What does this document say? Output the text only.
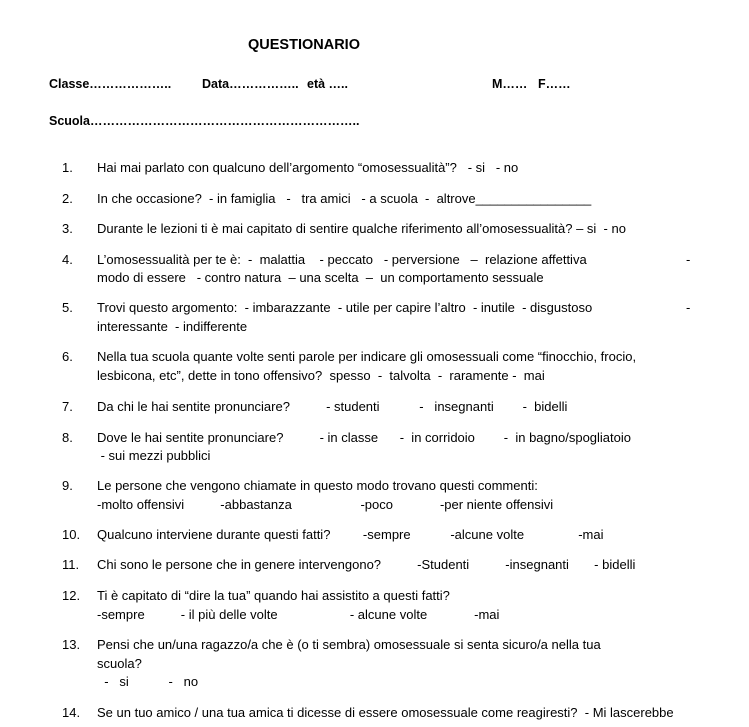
QUESTIONARIO
Classe……………….. Data…………….. età …..	M…… F……
Scuola………………………………………………………..
1.	Hai mai parlato con qualcuno dell’argomento “omosessualità”?   - si   - no
2.	In che occasione?  - in famiglia   -   tra amici   - a scuola  -  altrove________________
3.	Durante le lezioni ti è mai capitato di sentire qualche riferimento all’omosessualità? – si  - no
4.	L’omosessualità per te è:  -  malattia    - peccato   - perversione   –  relazione affettiva	-
modo di essere   - contro natura  – una scelta  –  un comportamento sessuale
5.	Trovi questo argomento:  - imbarazzante  - utile per capire l’altro  - inutile  - disgustoso	-
interessante  - indifferente
6.	Nella tua scuola quante volte senti parole per indicare gli omosessuali come “finocchio, frocio,
lesbicona, etc”, dette in tono offensivo?  spesso  -  talvolta  -  raramente -  mai
7.	Da chi le hai sentite pronunciare?          - studenti           -   insegnanti        -  bidelli
8.	Dove le hai sentite pronunciare?          - in classe      -  in corridoio        -  in bagno/spogliatoio
- sui mezzi pubblici
9.	Le persone che vengono chiamate in questo modo trovano questi commenti:
-molto offensivi          -abbastanza                   -poco             -per niente offensivi
10.	Qualcuno interviene durante questi fatti?         -sempre           -alcune volte               -mai
11.	Chi sono le persone che in genere intervengono?          -Studenti          -insegnanti       - bidelli
12.	Ti è capitato di “dire la tua” quando hai assistito a questi fatti?
-sempre          - il più delle volte                    - alcune volte             -mai
13.	Pensi che un/una ragazzo/a che è (o ti sembra) omosessuale si senta sicuro/a nella tua
scuola?
-   si           -   no
14.	Se un tuo amico / una tua amica ti dicesse di essere omosessuale come reagiresti?  - Mi lascerebbe
